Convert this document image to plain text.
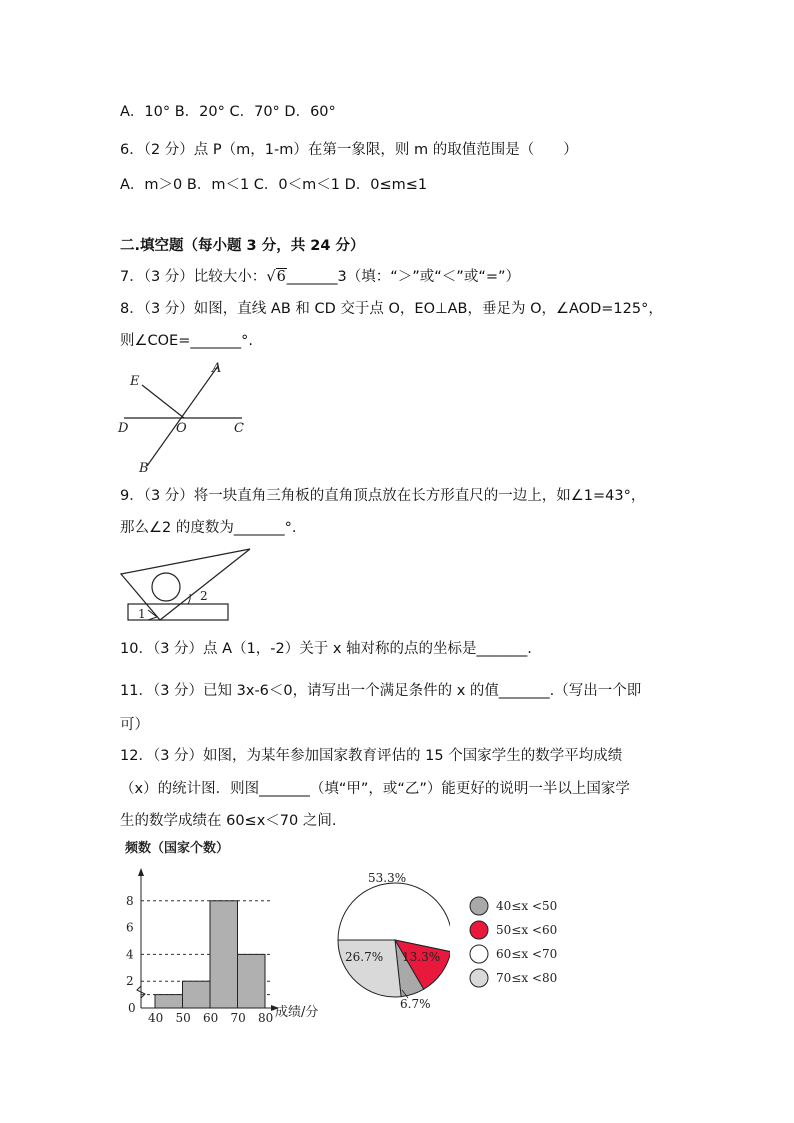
A．10° B．20° C．70° D．60°
6．（2 分）点 P（m，1-m）在第一象限，则 m 的取值范围是（　　）
A．m＞0 B．m＜1 C．0＜m＜1 D．0≤m≤1
二.填空题（每小题 3 分，共 24 分）
7．（3 分）比较大小：√6_______3（填：“＞”或“＜”或“=”）
8．（3 分）如图，直线 AB 和 CD 交于点 O，EO⊥AB，垂足为 O，∠AOD=125°，
则∠COE=_______°.
E
A
D	O	C
B
9．（3 分）将一块直角三角板的直角顶点放在长方形直尺的一边上，如∠1=43°，
那么∠2 的度数为_______°.
1
2
10．（3 分）点 A（1，-2）关于 x 轴对称的点的坐标是_______.
11．（3 分）已知 3x-6＜0，请写出一个满足条件的 x 的值_______.（写出一个即
可）
12．（3 分）如图，为某年参加国家教育评估的 15 个国家学生的数学平均成绩
（x）的统计图．则图_______（填“甲”，或“乙”）能更好的说明一半以上国家学
生的数学成绩在 60≤x＜70 之间.
频数（国家个数）
0
2
4
6
8
40 50 60 70 80 成绩/分
53.3%
13.3%
6.7%
26.7%
40≤x <50
50≤x <60
60≤x <70
70≤x <80
